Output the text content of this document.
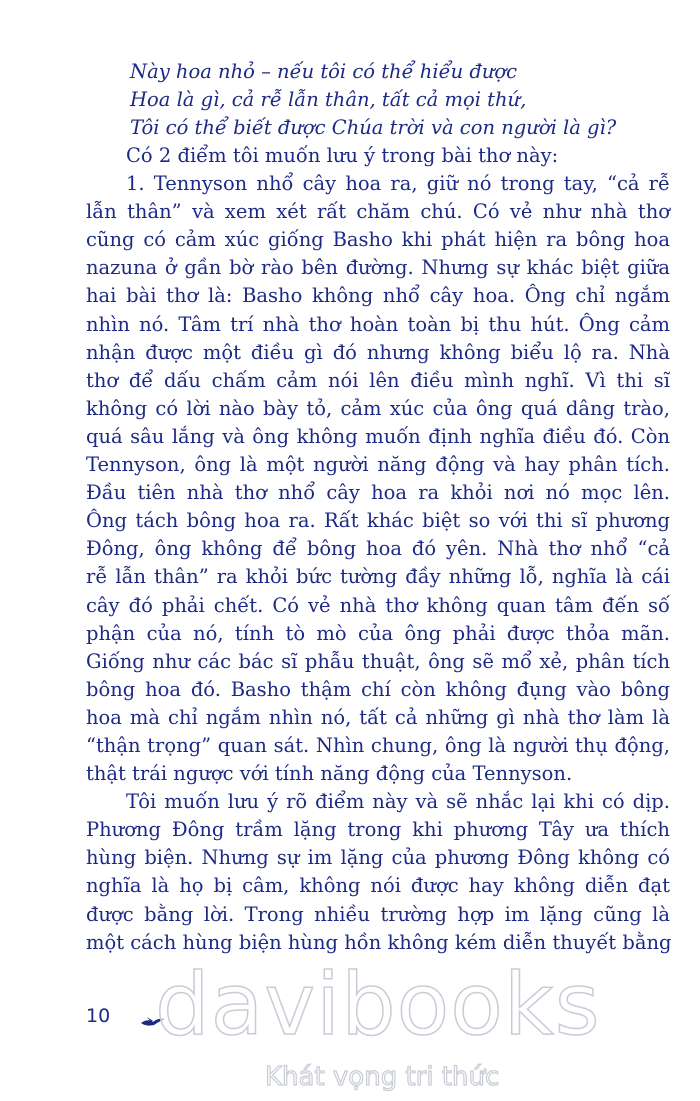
Này hoa nhỏ – nếu tôi có thể hiểu được
Hoa là gì, cả rễ lẫn thân, tất cả mọi thứ,
Tôi có thể biết được Chúa trời và con người là gì?

Có 2 điểm tôi muốn lưu ý trong bài thơ này:

1. Tennyson nhổ cây hoa ra, giữ nó trong tay, “cả rễ
lẫn thân” và xem xét rất chăm chú. Có vẻ như nhà thơ
cũng có cảm xúc giống Basho khi phát hiện ra bông hoa
nazuna ở gần bờ rào bên đường. Nhưng sự khác biệt giữa
hai bài thơ là: Basho không nhổ cây hoa. Ông chỉ ngắm
nhìn nó. Tâm trí nhà thơ hoàn toàn bị thu hút. Ông cảm
nhận được một điều gì đó nhưng không biểu lộ ra. Nhà
thơ để dấu chấm cảm nói lên điều mình nghĩ. Vì thi sĩ
không có lời nào bày tỏ, cảm xúc của ông quá dâng trào,
quá sâu lắng và ông không muốn định nghĩa điều đó. Còn
Tennyson, ông là một người năng động và hay phân tích.
Đầu tiên nhà thơ nhổ cây hoa ra khỏi nơi nó mọc lên.
Ông tách bông hoa ra. Rất khác biệt so với thi sĩ phương
Đông, ông không để bông hoa đó yên. Nhà thơ nhổ “cả
rễ lẫn thân” ra khỏi bức tường đầy những lỗ, nghĩa là cái
cây đó phải chết. Có vẻ nhà thơ không quan tâm đến số
phận của nó, tính tò mò của ông phải được thỏa mãn.
Giống như các bác sĩ phẫu thuật, ông sẽ mổ xẻ, phân tích
bông hoa đó. Basho thậm chí còn không đụng vào bông
hoa mà chỉ ngắm nhìn nó, tất cả những gì nhà thơ làm là
“thận trọng” quan sát. Nhìn chung, ông là người thụ động,
thật trái ngược với tính năng động của Tennyson.

Tôi muốn lưu ý rõ điểm này và sẽ nhắc lại khi có dịp.
Phương Đông trầm lặng trong khi phương Tây ưa thích
hùng biện. Nhưng sự im lặng của phương Đông không có
nghĩa là họ bị câm, không nói được hay không diễn đạt
được bằng lời. Trong nhiều trường hợp im lặng cũng là
một cách hùng biện hùng hồn không kém diễn thuyết bằng

10 davibooks
Khát vọng tri thức
